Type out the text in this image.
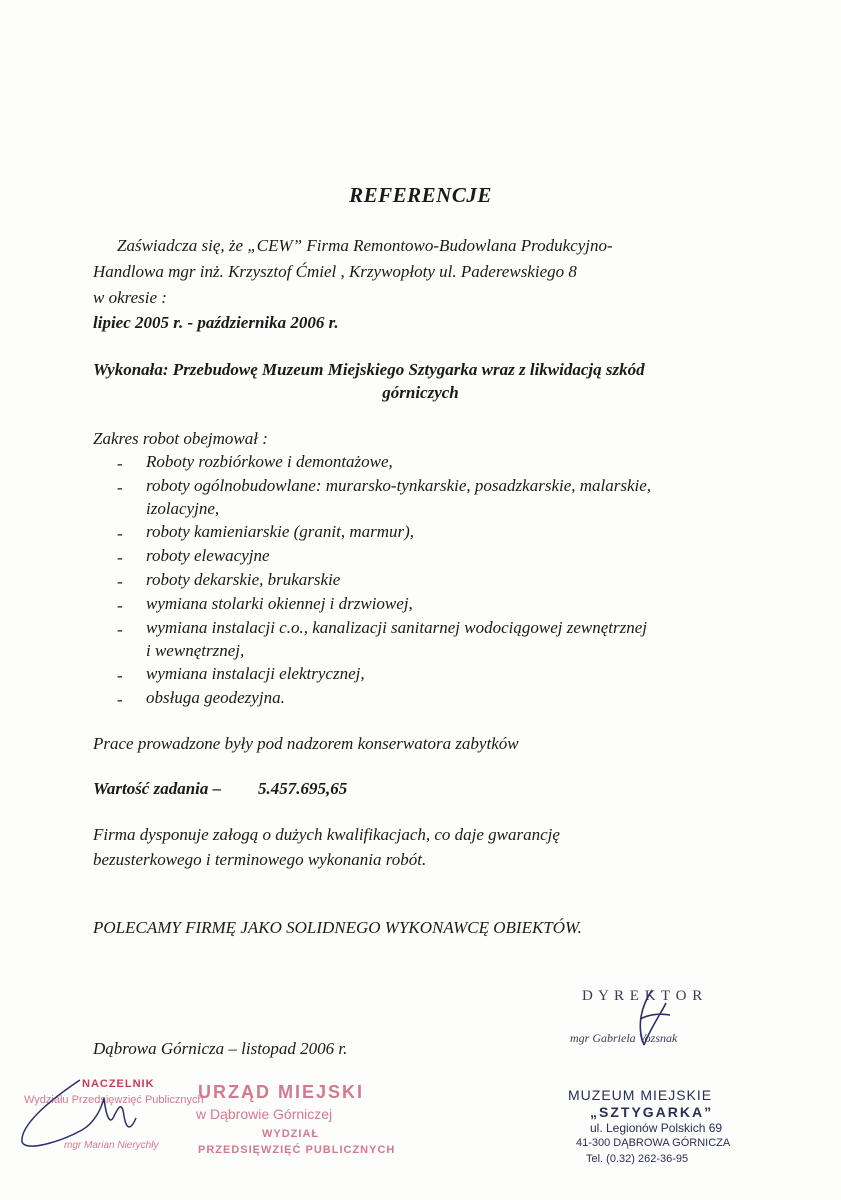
REFERENCJE
Zaświadcza się, że „CEW” Firma Remontowo-Budowlana Produkcyjno-
Handlowa mgr inż. Krzysztof Ćmiel , Krzywopłoty ul. Paderewskiego 8
w okresie :
lipiec 2005 r. - października 2006 r.
Wykonała: Przebudowę Muzeum Miejskiego Sztygarka wraz z likwidacją szkód
górniczych
Zakres robot obejmował :
- Roboty rozbiórkowe i demontażowe,
- roboty ogólnobudowlane: murarsko-tynkarskie, posadzkarskie, malarskie,
izolacyjne,
- roboty kamieniarskie (granit, marmur),
- roboty elewacyjne
- roboty dekarskie, brukarskie
- wymiana stolarki okiennej i drzwiowej,
- wymiana instalacji c.o., kanalizacji sanitarnej wodociągowej zewnętrznej
i wewnętrznej,
- wymiana instalacji elektrycznej,
- obsługa geodezyjna.
Prace prowadzone były pod nadzorem konserwatora zabytków
Wartość zadania – 5.457.695,65
Firma dysponuje załogą o dużych kwalifikacjach, co daje gwarancję
bezusterkowego i terminowego wykonania robót.
POLECAMY FIRMĘ JAKO SOLIDNEGO WYKONAWCĘ OBIEKTÓW.
Dąbrowa Górnicza – listopad 2006 r.
D Y R E K T O R
mgr Gabriela Vozsnak
MUZEUM MIEJSKIE
„SZTYGARKA”
ul. Legionów Polskich 69
41-300 DĄBROWA GÓRNICZA
Tel. (0.32) 262-36-95
NACZELNIK
Wydziału Przedsięwzięć Publicznych
mgr Marian Nierychły
URZĄD MIEJSKI
w Dąbrowie Górniczej
WYDZIAŁ
PRZEDSIĘWZIĘĆ PUBLICZNYCH
